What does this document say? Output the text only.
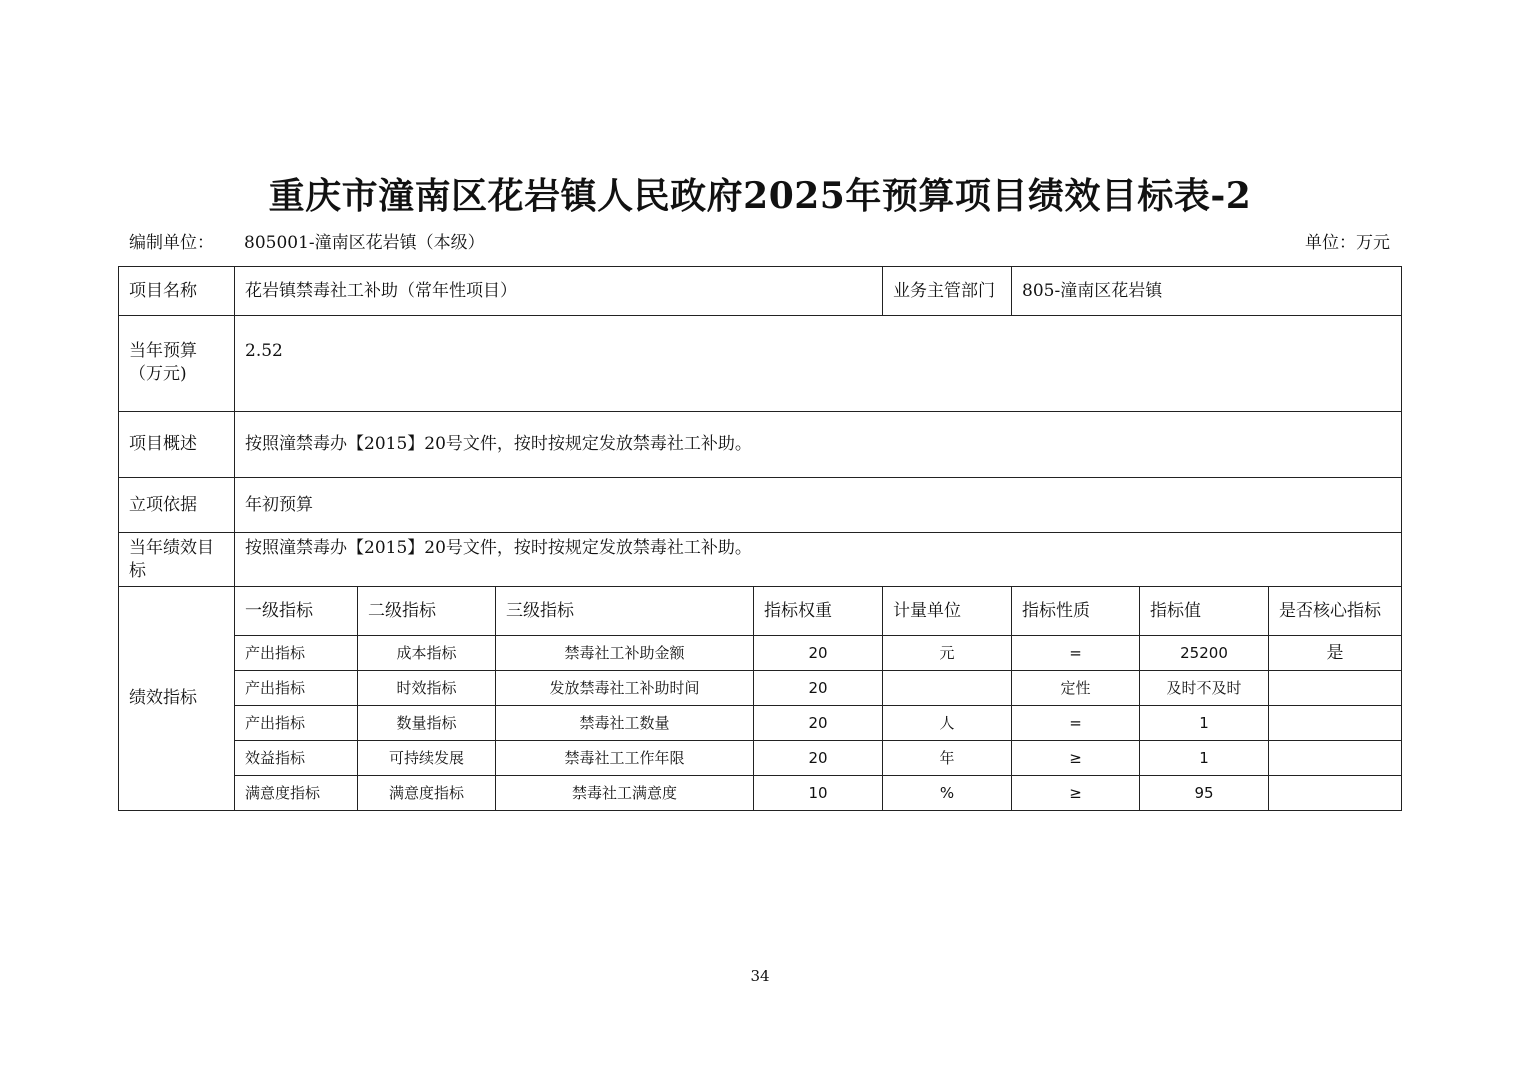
重庆市潼南区花岩镇人民政府2025年预算项目绩效目标表-2
编制单位： 805001-潼南区花岩镇（本级）	单位：万元
项目名称	花岩镇禁毒社工补助（常年性项目）				业务主管部门	805-潼南区花岩镇		
当年预算（万元)	2.52							
项目概述	按照潼禁毒办【2015】20号文件，按时按规定发放禁毒社工补助。							
立项依据	年初预算							
当年绩效目标	按照潼禁毒办【2015】20号文件，按时按规定发放禁毒社工补助。							
绩效指标	一级指标	二级指标	三级指标	指标权重	计量单位	指标性质	指标值	是否核心指标
	产出指标	成本指标	禁毒社工补助金额	20	元	=	25200	是
	产出指标	时效指标	发放禁毒社工补助时间	20		定性	及时不及时	
	产出指标	数量指标	禁毒社工数量	20	人	=	1	
	效益指标	可持续发展	禁毒社工工作年限	20	年	≥	1	
	满意度指标	满意度指标	禁毒社工满意度	10	%	≥	95	
34
